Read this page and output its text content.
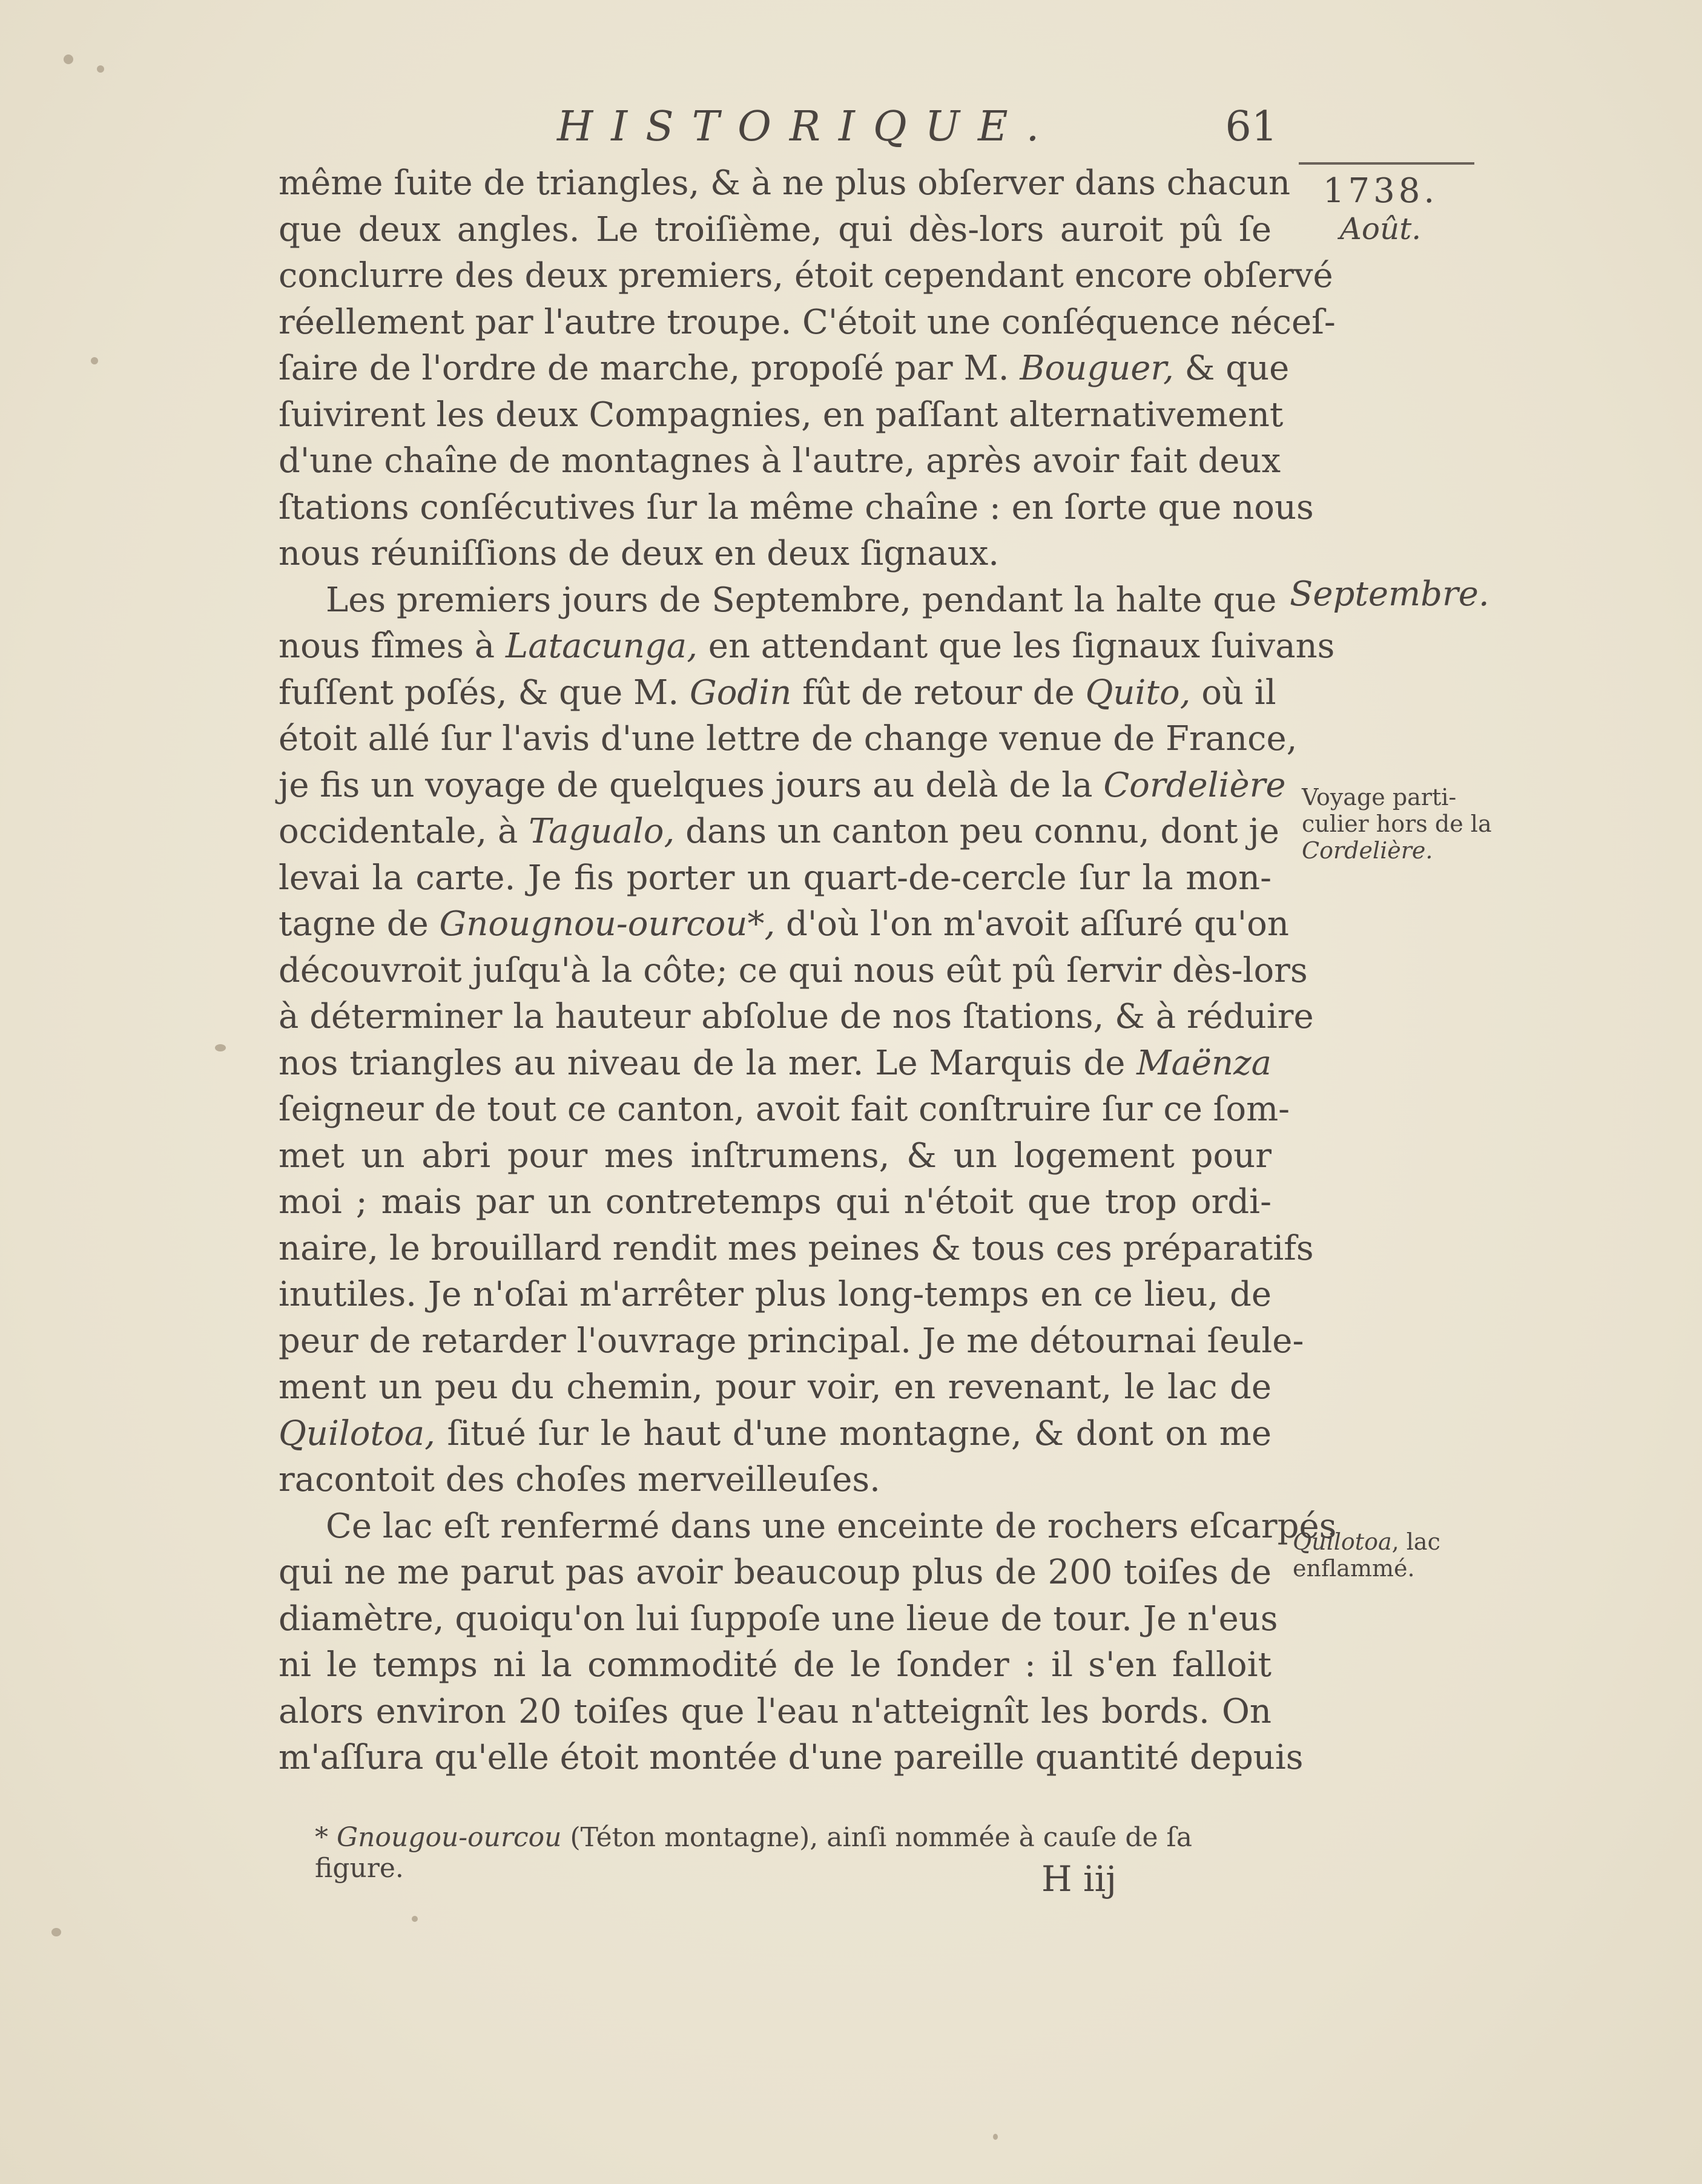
HISTORIQUE.	61
1738.
Août.
Septembre.
Voyage parti-
culier hors de la
Cordelière.
Quilotoa, lac
enflammé.

même ſuite de triangles, & à ne plus obſerver dans chacun
que deux angles. Le troiſième, qui dès-lors auroit pû ſe
conclurre des deux premiers, étoit cependant encore obſervé
réellement par l'autre troupe. C'étoit une conſéquence néceſ-
ſaire de l'ordre de marche, propoſé par M. Bouguer, & que
ſuivirent les deux Compagnies, en paſſant alternativement
d'une chaîne de montagnes à l'autre, après avoir fait deux
ſtations conſécutives ſur la même chaîne : en ſorte que nous
nous réuniſſions de deux en deux ſignaux.

Les premiers jours de Septembre, pendant la halte que
nous fîmes à Latacunga, en attendant que les ſignaux ſuivans
fuſſent poſés, & que M. Godin fût de retour de Quito, où il
étoit allé ſur l'avis d'une lettre de change venue de France,
je fis un voyage de quelques jours au delà de la Cordelière
occidentale, à Tagualo, dans un canton peu connu, dont je
levai la carte. Je fis porter un quart-de-cercle ſur la mon-
tagne de Gnougnou-ourcou*, d'où l'on m'avoit aſſuré qu'on
découvroit juſqu'à la côte; ce qui nous eût pû ſervir dès-lors
à déterminer la hauteur abſolue de nos ſtations, & à réduire
nos triangles au niveau de la mer. Le Marquis de Maënza
ſeigneur de tout ce canton, avoit fait conſtruire ſur ce ſom-
met un abri pour mes inſtrumens, & un logement pour
moi ; mais par un contretemps qui n'étoit que trop ordi-
naire, le brouillard rendit mes peines & tous ces préparatifs
inutiles. Je n'oſai m'arrêter plus long-temps en ce lieu, de
peur de retarder l'ouvrage principal. Je me détournai ſeule-
ment un peu du chemin, pour voir, en revenant, le lac de
Quilotoa, ſitué ſur le haut d'une montagne, & dont on me
racontoit des choſes merveilleuſes.

Ce lac eſt renfermé dans une enceinte de rochers eſcarpés
qui ne me parut pas avoir beaucoup plus de 200 toiſes de
diamètre, quoiqu'on lui ſuppoſe une lieue de tour. Je n'eus
ni le temps ni la commodité de le ſonder : il s'en falloit
alors environ 20 toiſes que l'eau n'atteignît les bords. On
m'aſſura qu'elle étoit montée d'une pareille quantité depuis

* Gnougou-ourcou (Téton montagne), ainſi nommée à cauſe de ſa figure.	H iij
